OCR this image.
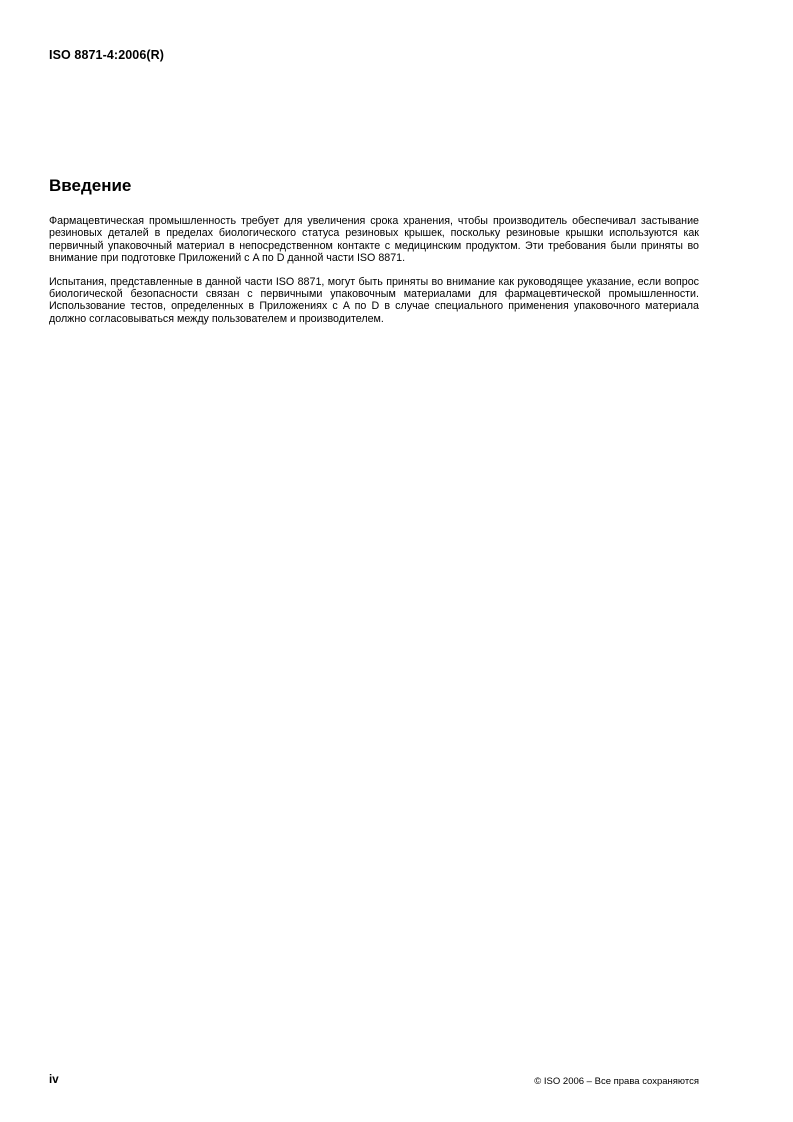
ISO 8871-4:2006(R)
Введение

Фармацевтическая промышленность требует для увеличения срока хранения, чтобы производитель обеспечивал застывание резиновых деталей в пределах биологического статуса резиновых крышек, поскольку резиновые крышки используются как первичный упаковочный материал в непосредственном контакте с медицинским продуктом. Эти требования были приняты во внимание при подготовке Приложений с A по D данной части ISO 8871.

Испытания, представленные в данной части ISO 8871, могут быть приняты во внимание как руководящее указание, если вопрос биологической безопасности связан с первичными упаковочным материалами для фармацевтической промышленности. Использование тестов, определенных в Приложениях с A по D в случае специального применения упаковочного материала должно согласовываться между пользователем и производителем.

iv	© ISO 2006 – Все права сохраняются
